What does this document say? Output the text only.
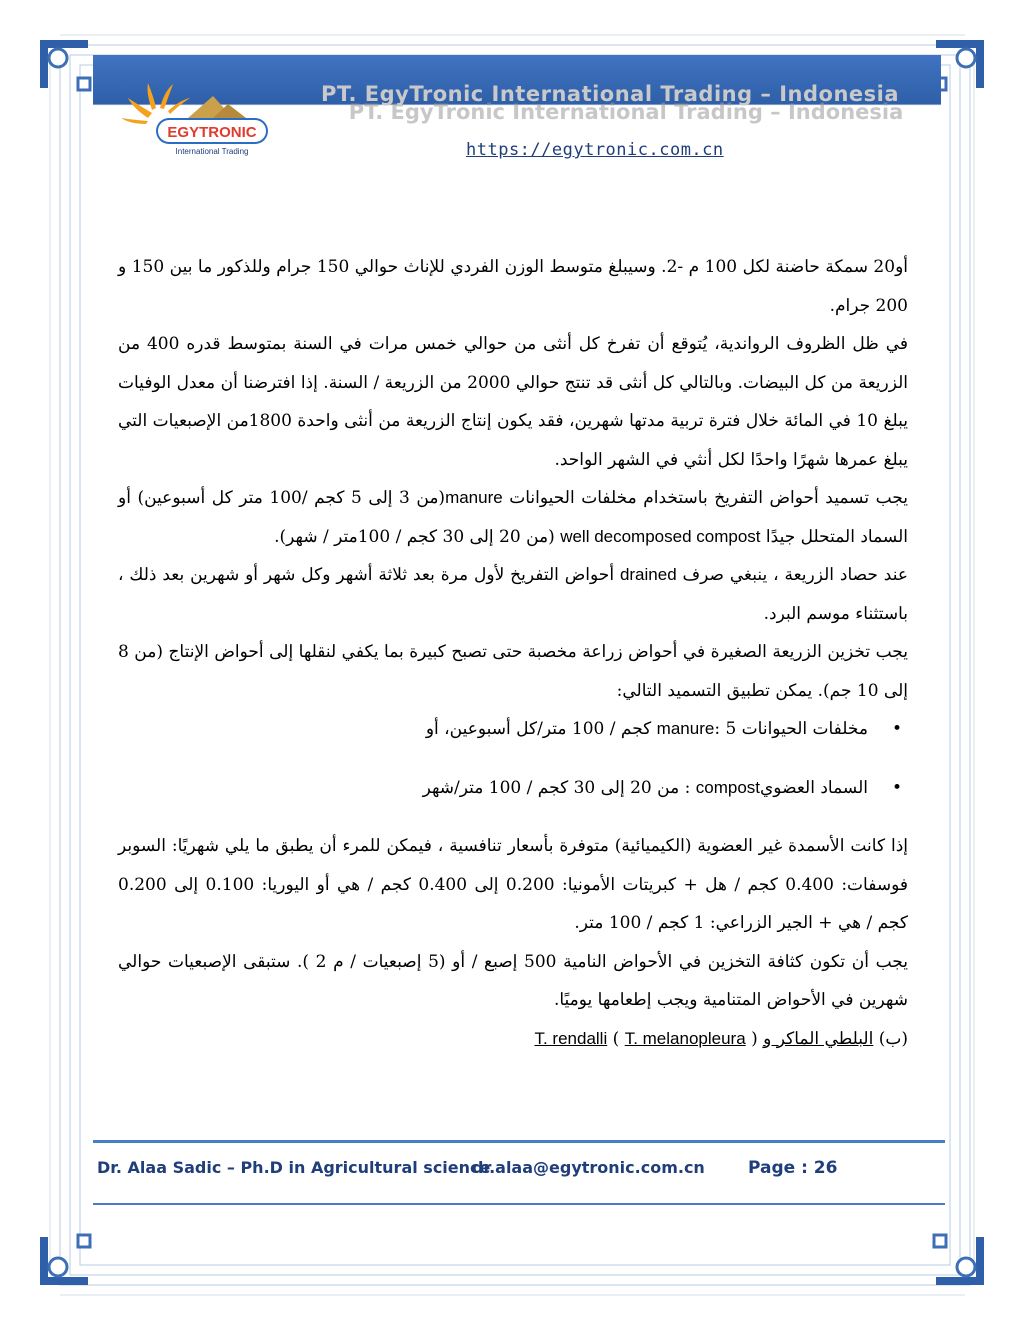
EGYTRONIC
International Trading
PT. EgyTronic International Trading – Indonesia
PT. EgyTronic International Trading – Indonesia
https://egytronic.com.cn

أو20 سمكة حاضنة لكل 100 م -2. وسيبلغ متوسط الوزن الفردي للإناث حوالي 150 جرام وللذكور ما بين 150 و 200 جرام.

في ظل الظروف الرواندية، يُتوقع أن تفرخ كل أنثى من حوالي خمس مرات في السنة بمتوسط قدره 400 من الزريعة من كل البيضات. وبالتالي كل أنثى قد تنتج حوالي 2000 من الزريعة / السنة. إذا افترضنا أن معدل الوفيات يبلغ 10 في المائة خلال فترة تربية مدتها شهرين، فقد يكون إنتاج الزريعة من أنثى واحدة 1800من الإصبعيات التي يبلغ عمرها شهرًا واحدًا لكل أنثي في الشهر الواحد.

يجب تسميد أحواض التفريخ باستخدام مخلفات الحيوانات manure(من 3 إلى 5 كجم /100 متر كل أسبوعين) أو السماد المتحلل جيدًا well decomposed compost (من 20 إلى 30 كجم / 100متر / شهر).

عند حصاد الزريعة ، ينبغي صرف drained أحواض التفريخ لأول مرة بعد ثلاثة أشهر وكل شهر أو شهرين بعد ذلك ، باستثناء موسم البرد.

يجب تخزين الزريعة الصغيرة في أحواض زراعة مخصبة حتى تصبح كبيرة بما يكفي لنقلها إلى أحواض الإنتاج (من 8 إلى 10 جم). يمكن تطبيق التسميد التالي:

• مخلفات الحيوانات manure: 5 كجم / 100 متر/كل أسبوعين، أو
• السماد العضويcompost : من 20 إلى 30 كجم / 100 متر/شهر

إذا كانت الأسمدة غير العضوية (الكيميائية) متوفرة بأسعار تنافسية ، فيمكن للمرء أن يطبق ما يلي شهريًا: السوبر فوسفات: 0.400 كجم / هل + كبريتات الأمونيا: 0.200 إلى 0.400 كجم / هي أو اليوريا: 0.100 إلى 0.200 كجم / هي + الجير الزراعي: 1 كجم / 100 متر.

يجب أن تكون كثافة التخزين في الأحواض النامية 500 إصبع / أو (5 إصبعيات / م 2 ). ستبقى الإصبعيات حوالي شهرين في الأحواض المتنامية ويجب إطعامها يوميًا.

(ب) البلطي الماكر و T. rendalli ( T. melanopleura )

Dr. Alaa Sadic – Ph.D in Agricultural science
dr.alaa@egytronic.com.cn	Page : 26
